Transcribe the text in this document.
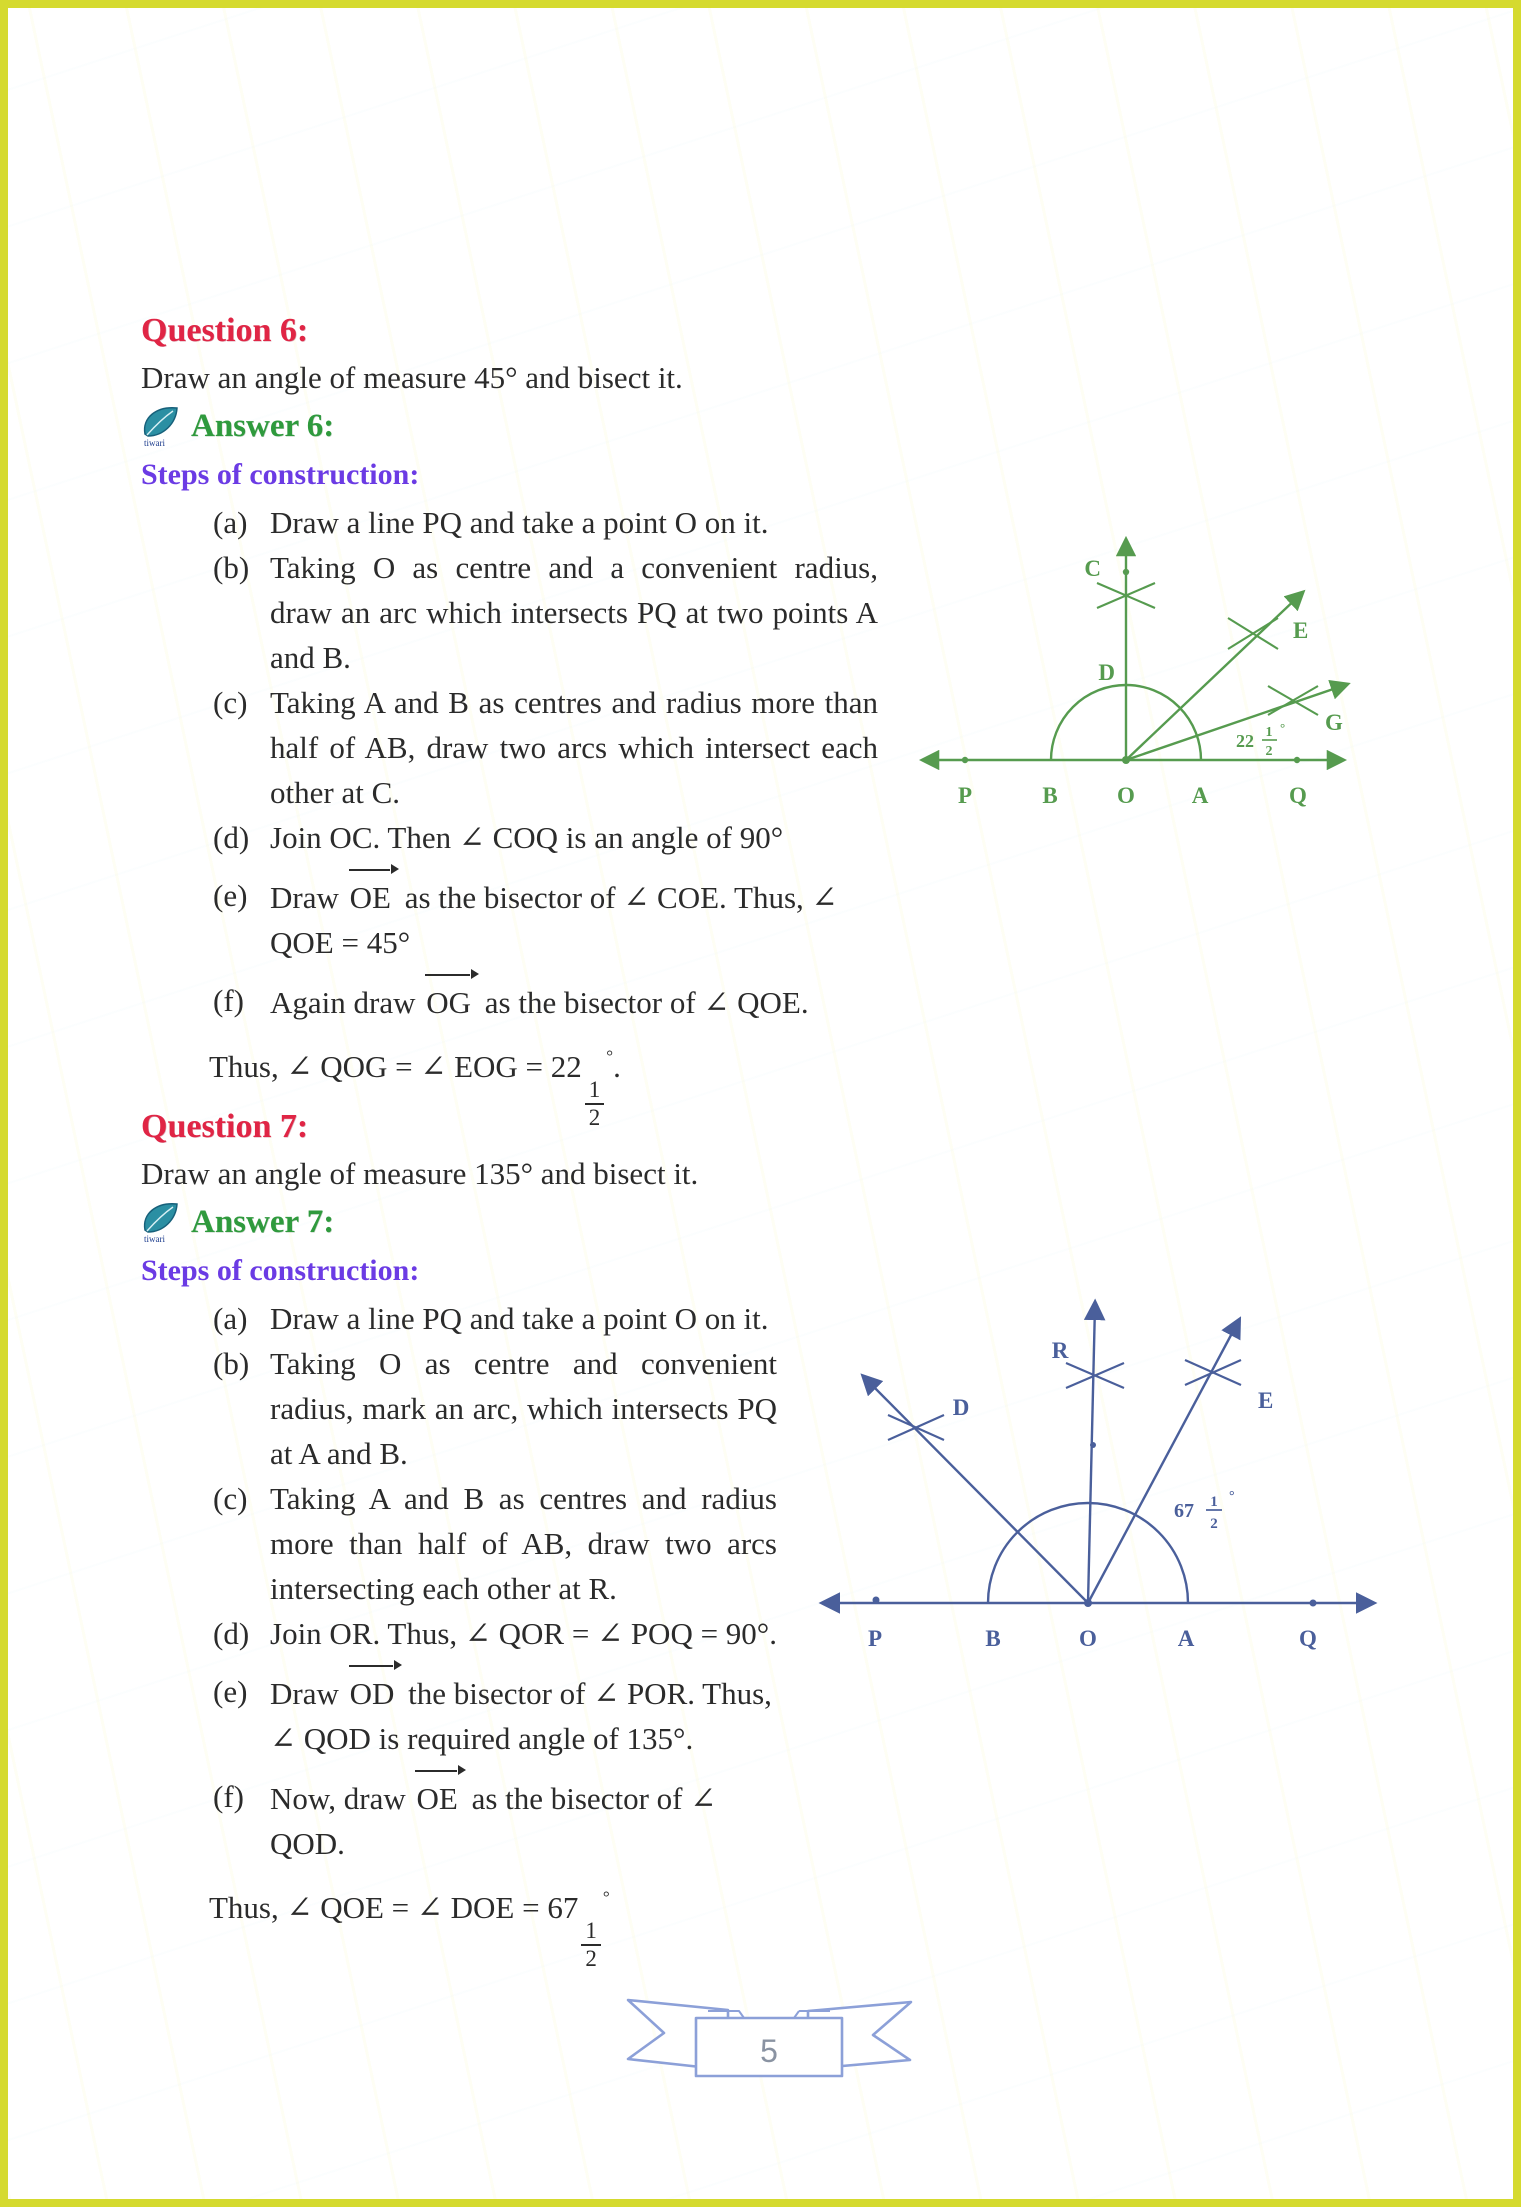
Question 6:
Draw an angle of measure 45° and bisect it.
tiwari Answer 6:
Steps of construction:
(a) Draw a line PQ and take a point O on it.
(b) Taking O as centre and a convenient radius, draw an arc which intersects PQ at two points A and B.
(c) Taking A and B as centres and radius more than half of AB, draw two arcs which intersect each other at C.
(d) Join OC. Then ∠ COQ is an angle of 90°
(e) Draw OE as the bisector of ∠ COE. Thus, ∠ QOE = 45°
(f) Again draw OG as the bisector of ∠ QOE.
Thus, ∠ QOG = ∠ EOG = 22
$\frac{1}{2}$
°.
P	B	O A	Q
C
D
E
G
22 1
2
°
Question 7:
Draw an angle of measure 135° and bisect it.
tiwari Answer 7:
Steps of construction:
(a) Draw a line PQ and take a point O on it.
(b) Taking O as centre and convenient radius, mark an arc, which intersects PQ at A and B.
(c) Taking A and B as centres and radius more than half of AB, draw two arcs intersecting each other at R.
(d) Join OR. Thus, ∠ QOR = ∠ POQ = 90°.
(e) Draw OD the bisector of ∠ POR. Thus, ∠ QOD is required angle of 135°.
(f) Now, draw OE as the bisector of ∠ QOD.
Thus, ∠ QOE = ∠ DOE = 67
$\frac{1}{2}$
°
P	B	O	A	Q
R
E
D
67 1
2
°
5
